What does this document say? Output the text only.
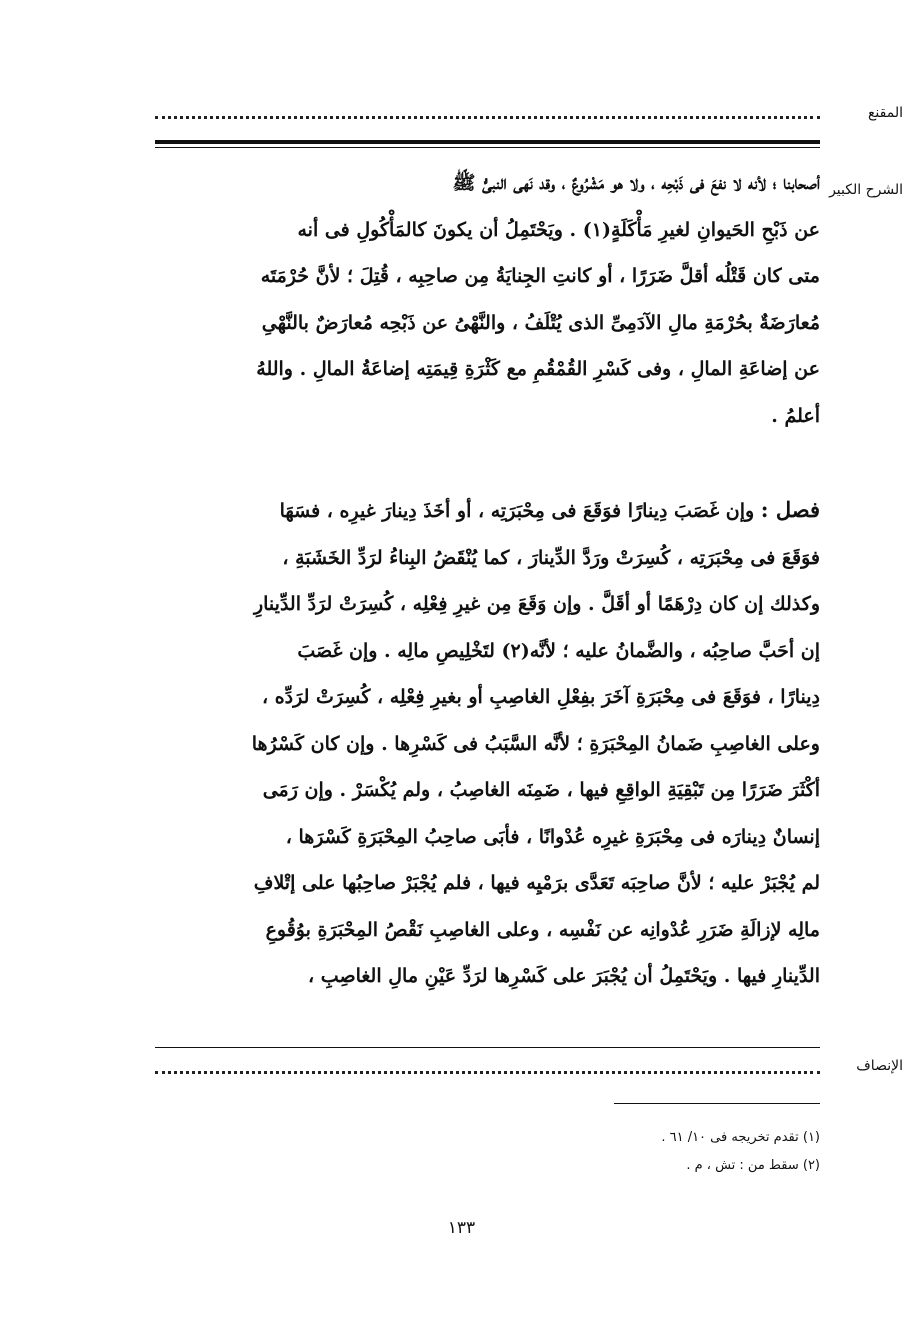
المقنع
الشرح الكبير
أصحابنا ؛ لأنه لا نفعَ فى ذَبْحِه ، ولا هو مَشْرُوعٌ ، وقد نَهى النبىُّ ﷺ
عن ذَبْحِ الحَيوانِ لغيرِ مَأْكَلَةٍ(١) . ويَحْتَمِلُ أن يكونَ كالمَأْكُولِ فى أنه
متى كان قَتْلُه أقلَّ ضَرَرًا ، أو كانتِ الجِنايَةُ مِن صاحِبِه ، قُتِلَ ؛ لأنَّ حُرْمَتَه
مُعارَضَةٌ بحُرْمَةِ مالِ الآدَمِىِّ الذى يُتْلَفُ ، والنَّهْىُ عن ذَبْحِه مُعارَضٌ بالنَّهْىِ
عن إضاعَةِ المالِ ، وفى كَسْرِ القُمْقُمِ مع كَثْرَةِ قِيمَتِه إضاعَةُ المالِ . واللهُ
أعلمُ .
فصل : وإن غَصَبَ دِينارًا فوَقَعَ فى مِحْبَرَتِه ، أو أخَذَ دِينارَ غيرِه ، فسَهَا
فوَقَعَ فى مِحْبَرَتِه ، كُسِرَتْ ورَدَّ الدِّينارَ ، كما يُنْقَضُ البِناءُ لرَدِّ الخَشَبَةِ ،
وكذلك إن كان دِرْهَمًا أو أقَلَّ . وإن وَقَعَ مِن غيرِ فِعْلِه ، كُسِرَتْ لرَدِّ الدِّينارِ
إن أحَبَّ صاحِبُه ، والضَّمانُ عليه ؛ لأنَّه(٢) لتَخْلِيصِ مالِه . وإن غَصَبَ
دِينارًا ، فوَقَعَ فى مِحْبَرَةِ آخَرَ بفِعْلِ الغاصِبِ أو بغيرِ فِعْلِه ، كُسِرَتْ لرَدِّه ،
وعلى الغاصِبِ ضَمانُ المِحْبَرَةِ ؛ لأنَّه السَّبَبُ فى كَسْرِها . وإن كان كَسْرُها
أكْثَرَ ضَرَرًا مِن تَبْقِيَةِ الواقِعِ فيها ، ضَمِنَه الغاصِبُ ، ولم يُكْسَرْ . وإن رَمَى
إنسانٌ دِينارَه فى مِحْبَرَةِ غيرِه عُدْوانًا ، فأبَى صاحِبُ المِحْبَرَةِ كَسْرَها ،
لم يُجْبَرْ عليه ؛ لأنَّ صاحِبَه تَعَدَّى برَمْيِه فيها ، فلم يُجْبَرْ صاحِبُها على إتْلافِ
مالِه لإزالَةِ ضَرَرِ عُدْوانِه عن نَفْسِه ، وعلى الغاصِبِ نَقْصُ المِحْبَرَةِ بوُقُوعِ
الدِّينارِ فيها . ويَحْتَمِلُ أن يُجْبَرَ على كَسْرِها لرَدِّ عَيْنِ مالِ الغاصِبِ ،
الإنصاف
(١) تقدم تخريجه فى ١٠/ ٦١ .
(٢) سقط من : تش ، م .
١٣٣
